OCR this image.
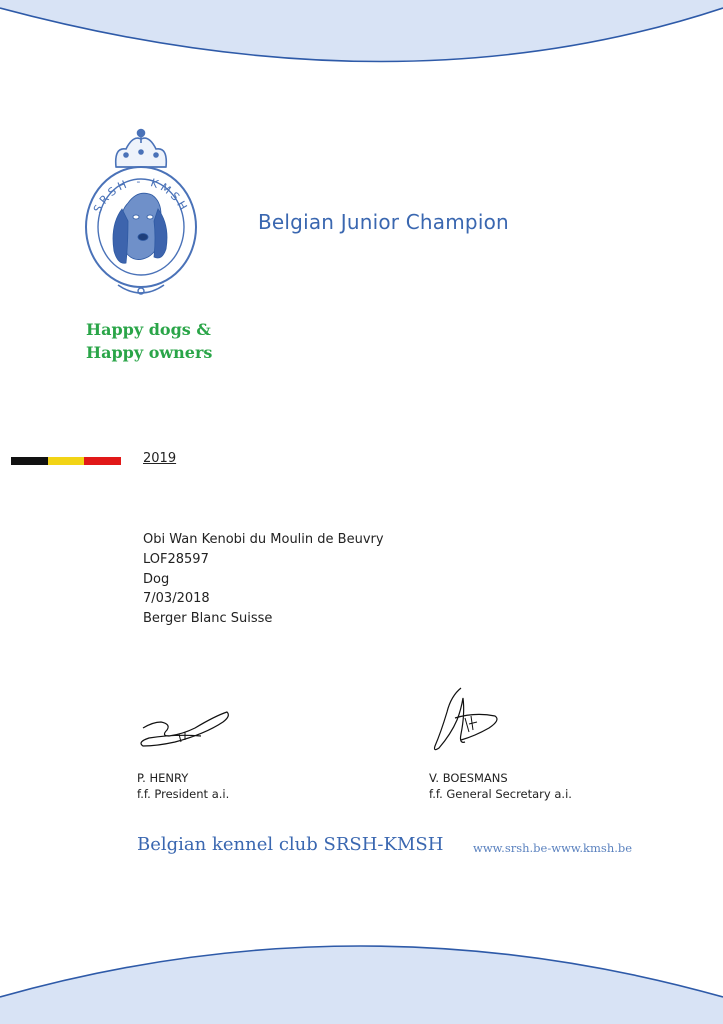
SRSH - KMSH
Belgian Junior Champion
Happy dogs &
Happy owners
2019
Obi Wan Kenobi du Moulin de Beuvry
LOF28597
Dog
7/03/2018
Berger Blanc Suisse
P. HENRY
f.f. President a.i.
V. BOESMANS
f.f. General Secretary a.i.
Belgian kennel club SRSH-KMSH	www.srsh.be-www.kmsh.be
